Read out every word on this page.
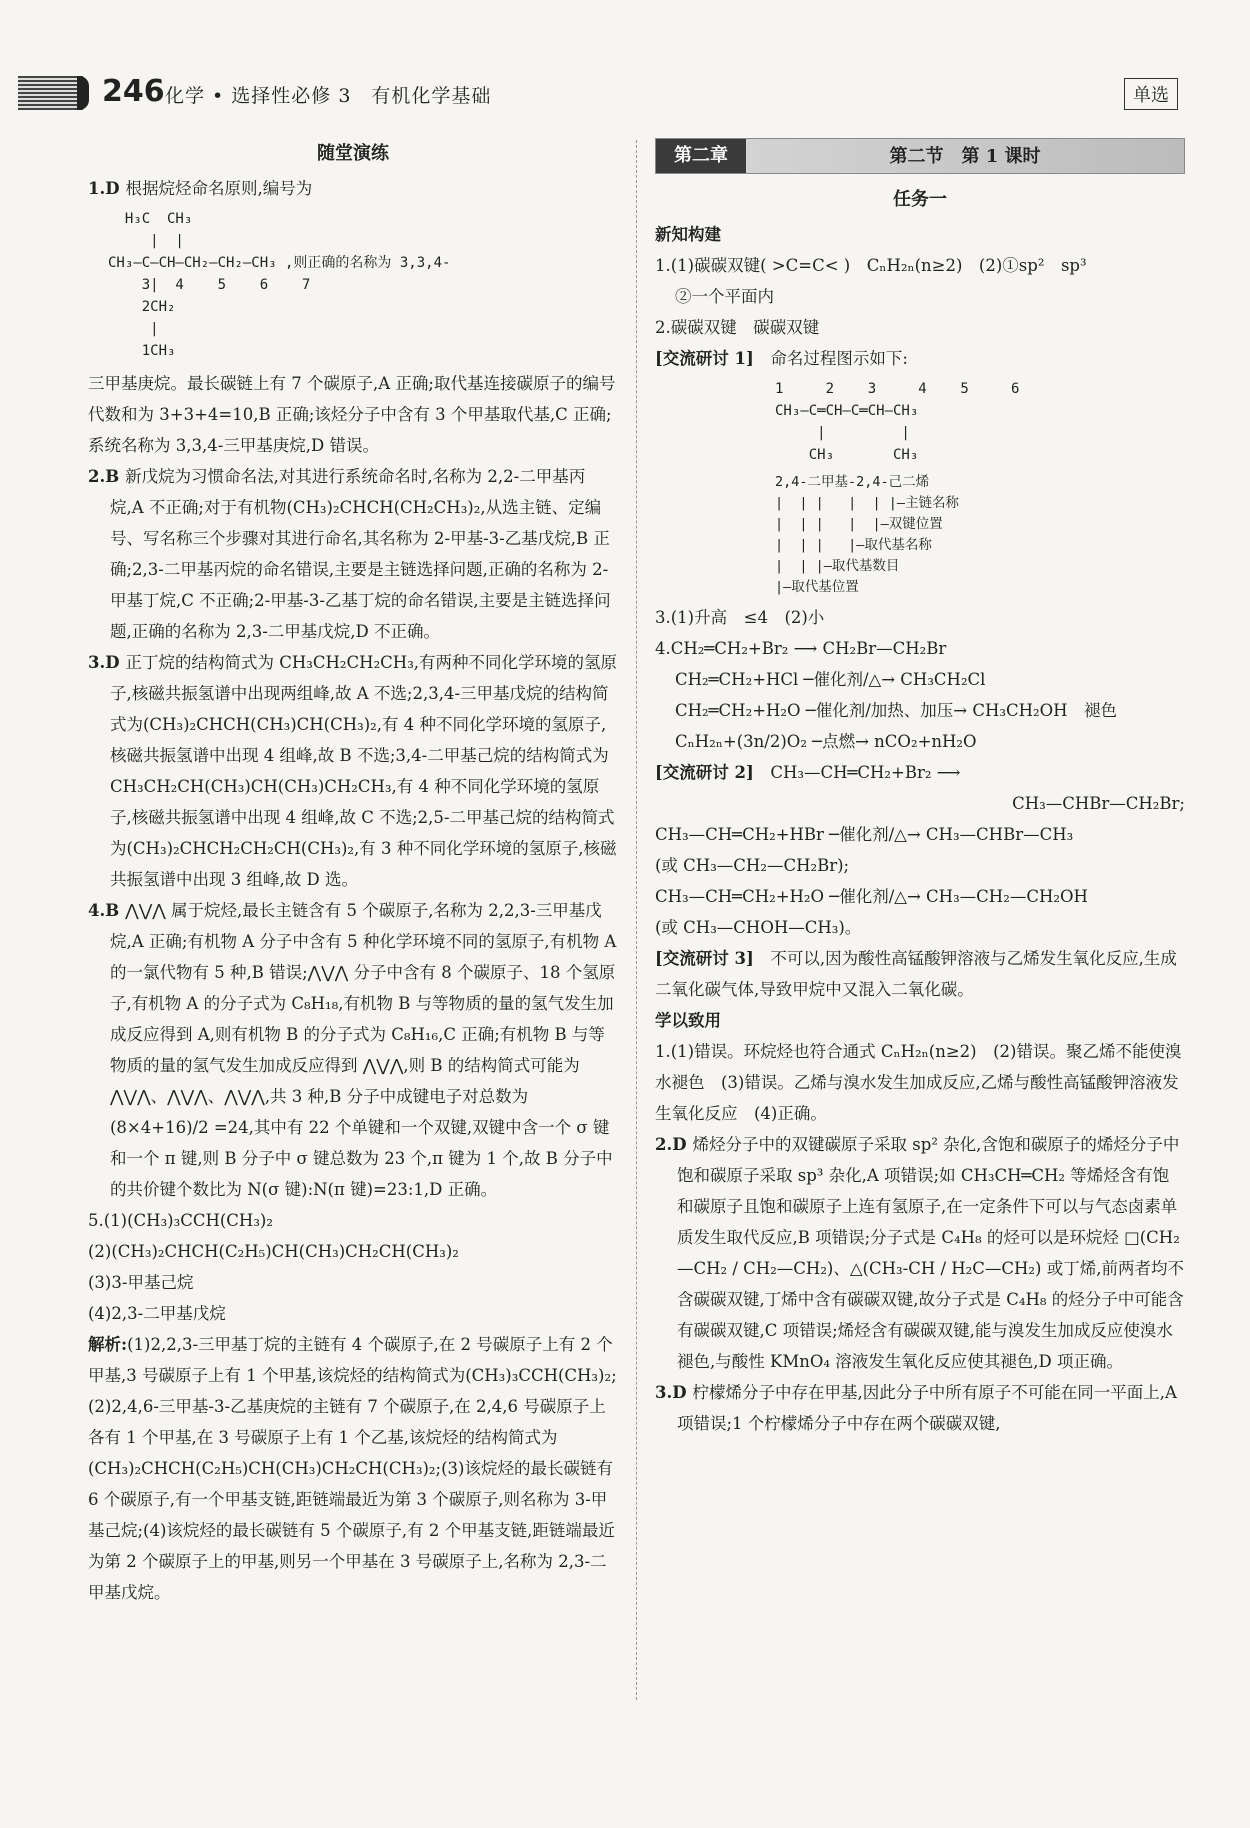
246 化学 • 选择性必修 3　有机化学基础	单选

随堂演练

1.D 根据烷烃命名原则,编号为

H₃C  CH₃
|  |
CH₃—C—CH—CH₂—CH₂—CH₃ ,则正确的名称为 3,3,4-
3|  4    5    6    7
2CH₂
|
1CH₃

三甲基庚烷。最长碳链上有 7 个碳原子,A 正确;取代基连接碳原子的编号代数和为 3+3+4=10,B 正确;该烃分子中含有 3 个甲基取代基,C 正确;系统名称为 3,3,4-三甲基庚烷,D 错误。

2.B 新戊烷为习惯命名法,对其进行系统命名时,名称为 2,2-二甲基丙烷,A 不正确;对于有机物(CH₃)₂CHCH(CH₂CH₃)₂,从选主链、定编号、写名称三个步骤对其进行命名,其名称为 2-甲基-3-乙基戊烷,B 正确;2,3-二甲基丙烷的命名错误,主要是主链选择问题,正确的名称为 2-甲基丁烷,C 不正确;2-甲基-3-乙基丁烷的命名错误,主要是主链选择问题,正确的名称为 2,3-二甲基戊烷,D 不正确。

3.D 正丁烷的结构简式为 CH₃CH₂CH₂CH₃,有两种不同化学环境的氢原子,核磁共振氢谱中出现两组峰,故 A 不选;2,3,4-三甲基戊烷的结构简式为(CH₃)₂CHCH(CH₃)CH(CH₃)₂,有 4 种不同化学环境的氢原子,核磁共振氢谱中出现 4 组峰,故 B 不选;3,4-二甲基己烷的结构简式为 CH₃CH₂CH(CH₃)CH(CH₃)CH₂CH₃,有 4 种不同化学环境的氢原子,核磁共振氢谱中出现 4 组峰,故 C 不选;2,5-二甲基己烷的结构简式为(CH₃)₂CHCH₂CH₂CH(CH₃)₂,有 3 种不同化学环境的氢原子,核磁共振氢谱中出现 3 组峰,故 D 选。

4.B ⋀⋁⋀ 属于烷烃,最长主链含有 5 个碳原子,名称为 2,2,3-三甲基戊烷,A 正确;有机物 A 分子中含有 5 种化学环境不同的氢原子,有机物 A 的一氯代物有 5 种,B 错误;⋀⋁⋀ 分子中含有 8 个碳原子、18 个氢原子,有机物 A 的分子式为 C₈H₁₈,有机物 B 与等物质的量的氢气发生加成反应得到 A,则有机物 B 的分子式为 C₈H₁₆,C 正确;有机物 B 与等物质的量的氢气发生加成反应得到 ⋀⋁⋀,则 B 的结构简式可能为 ⋀⋁⋀、⋀⋁⋀、⋀⋁⋀,共 3 种,B 分子中成键电子对总数为 (8×4+16)/2 =24,其中有 22 个单键和一个双键,双键中含一个 σ 键和一个 π 键,则 B 分子中 σ 键总数为 23 个,π 键为 1 个,故 B 分子中的共价键个数比为 N(σ 键):N(π 键)=23:1,D 正确。

5.(1)(CH₃)₃CCH(CH₃)₂

(2)(CH₃)₂CHCH(C₂H₅)CH(CH₃)CH₂CH(CH₃)₂

(3)3-甲基己烷

(4)2,3-二甲基戊烷

解析:(1)2,2,3-三甲基丁烷的主链有 4 个碳原子,在 2 号碳原子上有 2 个甲基,3 号碳原子上有 1 个甲基,该烷烃的结构简式为(CH₃)₃CCH(CH₃)₂;(2)2,4,6-三甲基-3-乙基庚烷的主链有 7 个碳原子,在 2,4,6 号碳原子上各有 1 个甲基,在 3 号碳原子上有 1 个乙基,该烷烃的结构简式为(CH₃)₂CHCH(C₂H₅)CH(CH₃)CH₂CH(CH₃)₂;(3)该烷烃的最长碳链有 6 个碳原子,有一个甲基支链,距链端最近为第 3 个碳原子,则名称为 3-甲基己烷;(4)该烷烃的最长碳链有 5 个碳原子,有 2 个甲基支链,距链端最近为第 2 个碳原子上的甲基,则另一个甲基在 3 号碳原子上,名称为 2,3-二甲基戊烷。

第二章	第二节　第 1 课时

任务一

新知构建

1.(1)碳碳双键( >C=C< )　CₙH₂ₙ(n≥2)　(2)①sp²　sp³

②一个平面内

2.碳碳双键　碳碳双键

[交流研讨 1]　 命名过程图示如下:

1     2    3     4    5     6
CH₃—C═CH—C═CH—CH₃
|         |
CH₃       CH₃
2,4-二甲基-2,4-己二烯
|  | |   |  | |—主链名称
|  | |   |  |—双键位置
|  | |   |—取代基名称
|  | |—取代基数目
|—取代基位置

3.(1)升高　≤4　(2)小

4.CH₂═CH₂+Br₂ ⟶ CH₂Br—CH₂Br

CH₂═CH₂+HCl ─催化剂/△→ CH₃CH₂Cl

CH₂═CH₂+H₂O ─催化剂/加热、加压→ CH₃CH₂OH　褪色

CₙH₂ₙ+(3n/2)O₂ ─点燃→ nCO₂+nH₂O

[交流研讨 2]　 CH₃—CH═CH₂+Br₂ ⟶

CH₃—CHBr—CH₂Br;

CH₃—CH═CH₂+HBr ─催化剂/△→ CH₃—CHBr—CH₃

(或 CH₃—CH₂—CH₂Br);

CH₃—CH═CH₂+H₂O ─催化剂/△→ CH₃—CH₂—CH₂OH

(或 CH₃—CHOH—CH₃)。

[交流研讨 3]　 不可以,因为酸性高锰酸钾溶液与乙烯发生氧化反应,生成二氧化碳气体,导致甲烷中又混入二氧化碳。

学以致用

1.(1)错误。环烷烃也符合通式 CₙH₂ₙ(n≥2)　(2)错误。聚乙烯不能使溴水褪色　(3)错误。乙烯与溴水发生加成反应,乙烯与酸性高锰酸钾溶液发生氧化反应　(4)正确。

2.D 烯烃分子中的双键碳原子采取 sp² 杂化,含饱和碳原子的烯烃分子中饱和碳原子采取 sp³ 杂化,A 项错误;如 CH₃CH═CH₂ 等烯烃含有饱和碳原子且饱和碳原子上连有氢原子,在一定条件下可以与气态卤素单质发生取代反应,B 项错误;分子式是 C₄H₈ 的烃可以是环烷烃 □(CH₂—CH₂ / CH₂—CH₂)、△(CH₃-CH / H₂C—CH₂) 或丁烯,前两者均不含碳碳双键,丁烯中含有碳碳双键,故分子式是 C₄H₈ 的烃分子中可能含有碳碳双键,C 项错误;烯烃含有碳碳双键,能与溴发生加成反应使溴水褪色,与酸性 KMnO₄ 溶液发生氧化反应使其褪色,D 项正确。

3.D 柠檬烯分子中存在甲基,因此分子中所有原子不可能在同一平面上,A 项错误;1 个柠檬烯分子中存在两个碳碳双键,
